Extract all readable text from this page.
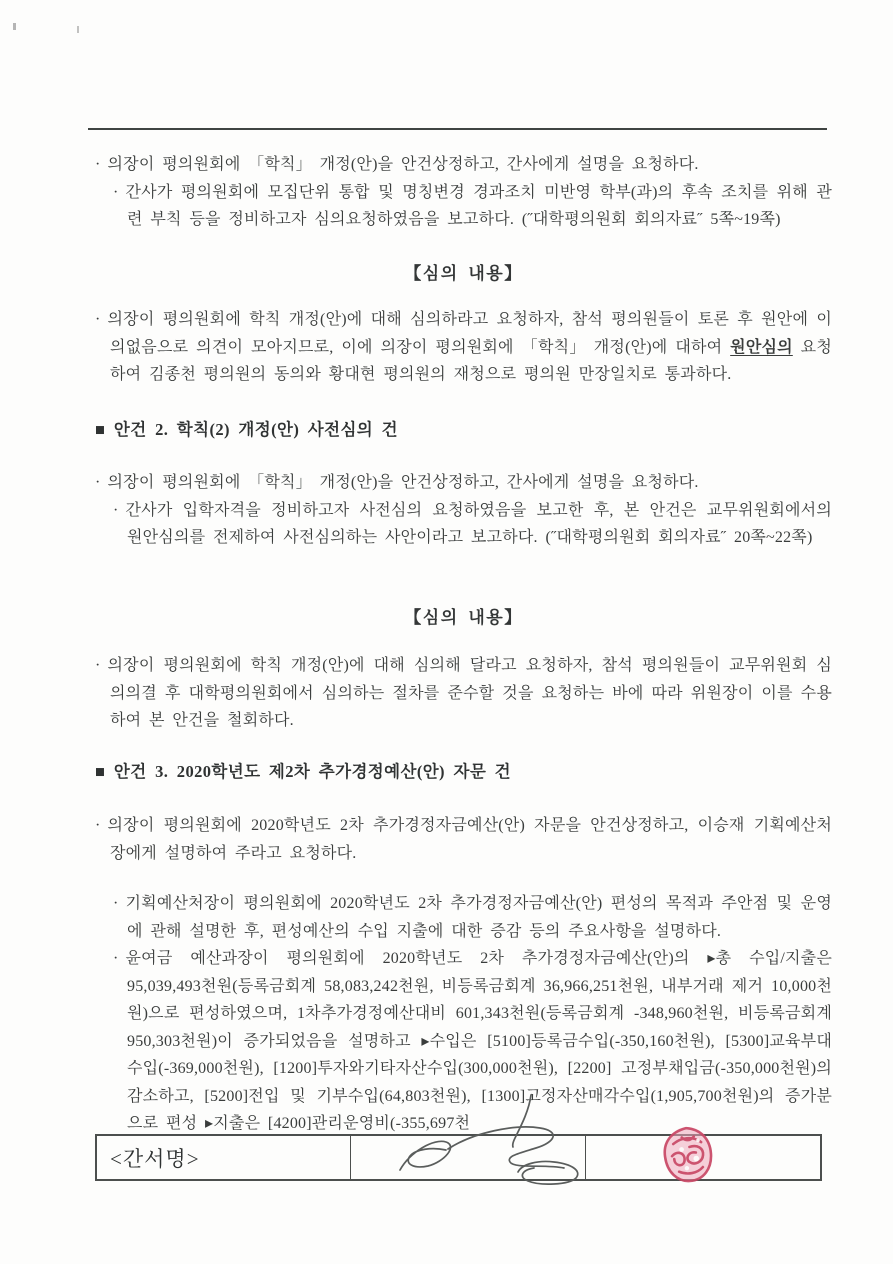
· 의장이 평의원회에 「학칙」 개정(안)을 안건상정하고, 간사에게 설명을 요청하다.

· 간사가 평의원회에 모집단위 통합 및 명칭변경 경과조치 미반영 학부(과)의 후속 조치를 위해 관련 부칙 등을 정비하고자 심의요청하였음을 보고하다. (˝대학평의원회 회의자료˝ 5쪽~19쪽)

【심의 내용】

· 의장이 평의원회에 학칙 개정(안)에 대해 심의하라고 요청하자, 참석 평의원들이 토론 후 원안에 이의없음으로 의견이 모아지므로, 이에 의장이 평의원회에 「학칙」 개정(안)에 대하여 원안심의 요청하여 김종천 평의원의 동의와 황대현 평의원의 재청으로 평의원 만장일치로 통과하다.

■ 안건 2. 학칙(2) 개정(안) 사전심의 건

· 의장이 평의원회에 「학칙」 개정(안)을 안건상정하고, 간사에게 설명을 요청하다.

· 간사가 입학자격을 정비하고자 사전심의 요청하였음을 보고한 후, 본 안건은 교무위원회에서의 원안심의를 전제하여 사전심의하는 사안이라고 보고하다. (˝대학평의원회 회의자료˝ 20쪽~22쪽)

【심의 내용】

· 의장이 평의원회에 학칙 개정(안)에 대해 심의해 달라고 요청하자, 참석 평의원들이 교무위원회 심의의결 후 대학평의원회에서 심의하는 절차를 준수할 것을 요청하는 바에 따라 위원장이 이를 수용하여 본 안건을 철회하다.

■ 안건 3. 2020학년도 제2차 추가경정예산(안) 자문 건

· 의장이 평의원회에 2020학년도 2차 추가경정자금예산(안) 자문을 안건상정하고, 이승재 기획예산처장에게 설명하여 주라고 요청하다.

· 기획예산처장이 평의원회에 2020학년도 2차 추가경정자금예산(안) 편성의 목적과 주안점 및 운영에 관해 설명한 후, 편성예산의 수입 지출에 대한 증감 등의 주요사항을 설명하다.

· 윤여금 예산과장이 평의원회에 2020학년도 2차 추가경정자금예산(안)의 ▸총 수입/지출은 95,039,493천원(등록금회계 58,083,242천원, 비등록금회계 36,966,251천원, 내부거래 제거 10,000천원)으로 편성하였으며, 1차추가경정예산대비 601,343천원(등록금회계 -348,960천원, 비등록금회계 950,303천원)이 증가되었음을 설명하고 ▸수입은 [5100]등록금수입(-350,160천원), [5300]교육부대수입(-369,000천원), [1200]투자와기타자산수입(300,000천원), [2200] 고정부채입금(-350,000천원)의 감소하고, [5200]전입 및 기부수입(64,803천원), [1300]고정자산매각수입(1,905,700천원)의 증가분으로 편성 ▸지출은 [4200]관리운영비(-355,697천

<간서명>
